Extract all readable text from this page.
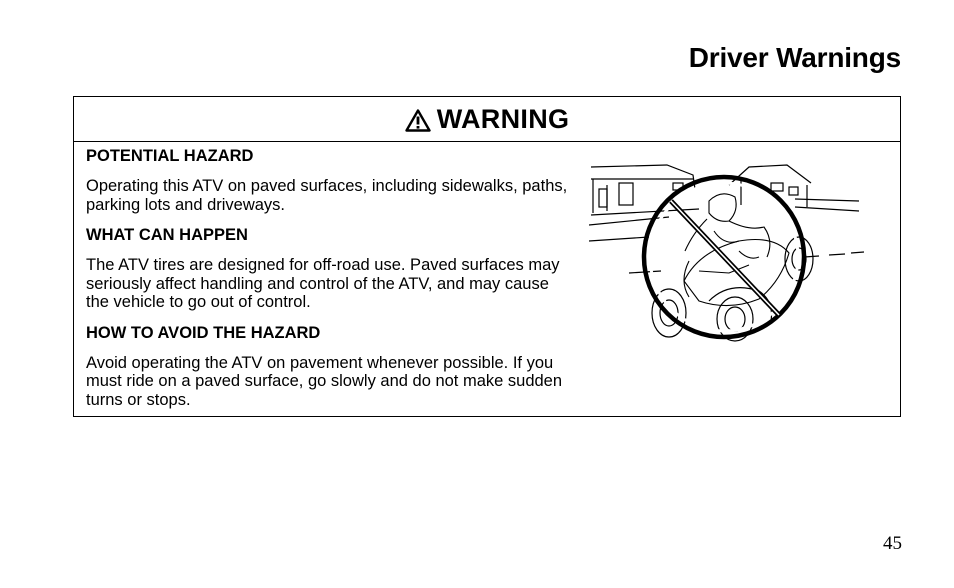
Driver Warnings
WARNING

POTENTIAL HAZARD

Operating this ATV on paved surfaces, including sidewalks, paths, parking lots and driveways.

WHAT CAN HAPPEN

The ATV tires are designed for off-road use. Paved surfaces may seriously affect handling and control of the ATV, and may cause the vehicle to go out of control.

HOW TO AVOID THE HAZARD

Avoid operating the ATV on pavement whenever possible. If you must ride on a paved surface, go slowly and do not make sudden turns or stops.

45
